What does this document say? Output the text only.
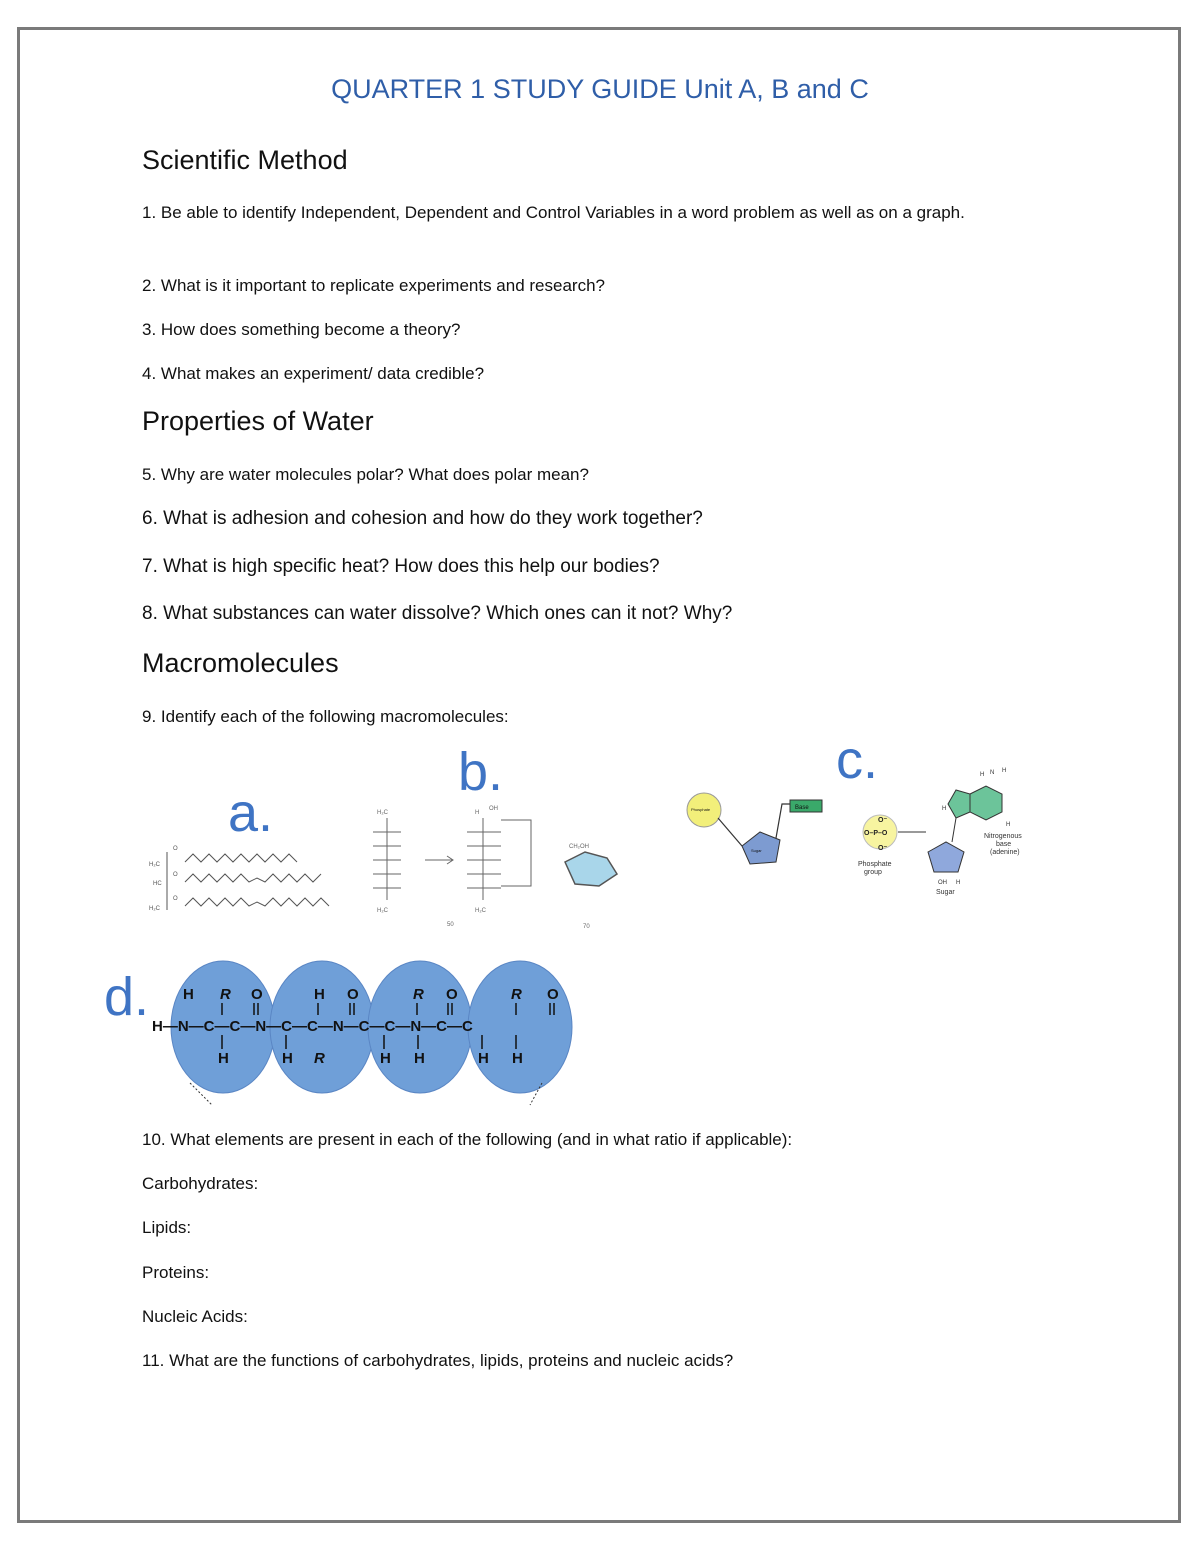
QUARTER 1 STUDY GUIDE Unit A, B and C
Scientific Method
1. Be able to identify Independent, Dependent and Control Variables in a word problem as well as on a graph.
2. What is it important to replicate experiments and research?
3. How does something become a theory?
4. What makes an experiment/ data credible?
Properties of Water
5. Why are water molecules polar? What does polar mean?
6. What is adhesion and cohesion and how do they work together?
7. What is high specific heat? How does this help our bodies?
8. What substances can water dissolve? Which ones can it not? Why?
Macromolecules
9. Identify each of the following macromolecules:
a.
b.	c.
d.
H₂C
HC
H₂C
O
O
O
H₂C	H
OH
H₂C	H₂C
CH₂OH
70
50
Base
Sugar
Phosphate
O–P–O
O⁻
O⁻
H N H
H
H
OH H
Phosphate group
Sugar
Nitrogenous base (adenine)
H R O	H O	R O	R O
H—N—C—C—N—C—C—N—C—C—N—C—C
H	H R	H H	H H
10. What elements are present in each of the following (and in what ratio if applicable):
Carbohydrates:
Lipids:
Proteins:
Nucleic Acids:
11. What are the functions of carbohydrates, lipids, proteins and nucleic acids?
